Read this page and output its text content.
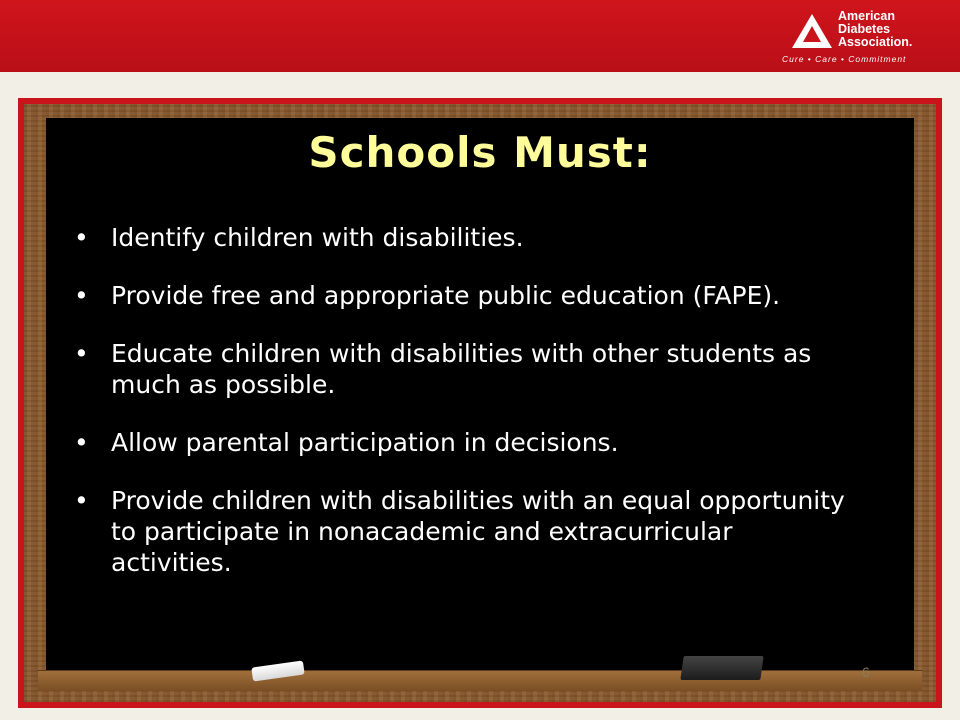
American
Diabetes
Association.
Cure • Care • Commitment
Schools Must:
• Identify children with disabilities.
• Provide free and appropriate public education (FAPE).
• Educate children with disabilities with other students as much as possible.
• Allow parental participation in decisions.
• Provide children with disabilities with an equal opportunity to participate in nonacademic and extracurricular activities.
6
